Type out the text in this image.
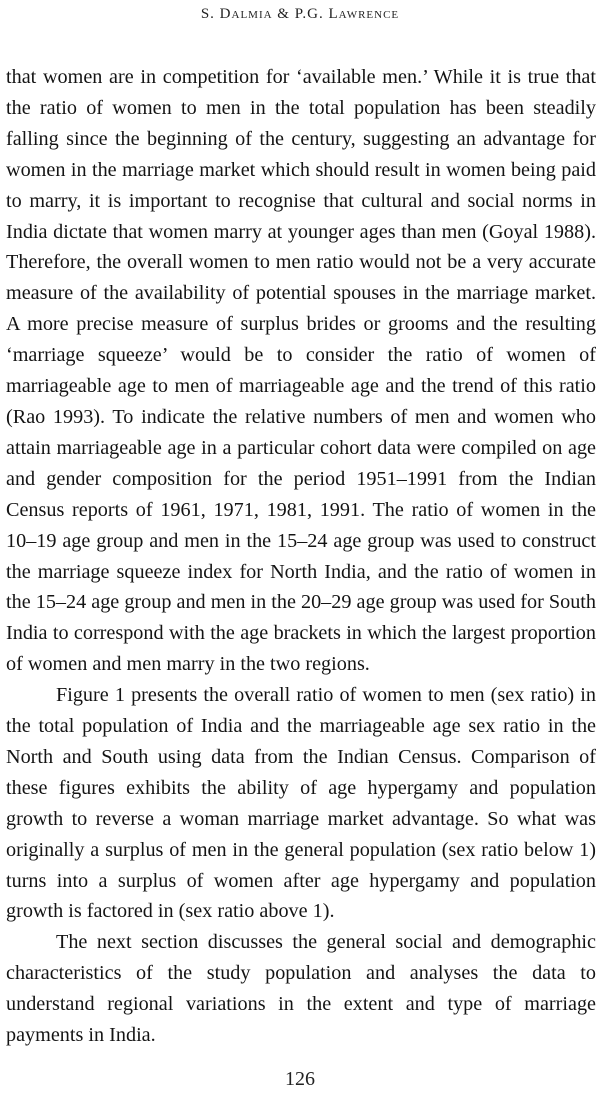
S. Dalmia & P.G. Lawrence

that women are in competition for ‘available men.’ While it is true that the ratio of women to men in the total population has been steadily falling since the beginning of the century, suggesting an advantage for women in the marriage market which should result in women being paid to marry, it is important to recognise that cultural and social norms in India dictate that women marry at younger ages than men (Goyal 1988). Therefore, the overall women to men ratio would not be a very accurate measure of the availability of potential spouses in the marriage market. A more precise measure of surplus brides or grooms and the resulting ‘marriage squeeze’ would be to consider the ratio of women of marriageable age to men of marriageable age and the trend of this ratio (Rao 1993). To indicate the relative numbers of men and women who attain marriageable age in a particular cohort data were compiled on age and gender composition for the period 1951–1991 from the Indian Census reports of 1961, 1971, 1981, 1991. The ratio of women in the 10–19 age group and men in the 15–24 age group was used to construct the marriage squeeze index for North India, and the ratio of women in the 15–24 age group and men in the 20–29 age group was used for South India to correspond with the age brackets in which the largest proportion of women and men marry in the two regions.

Figure 1 presents the overall ratio of women to men (sex ratio) in the total population of India and the marriageable age sex ratio in the North and South using data from the Indian Census. Comparison of these figures exhibits the ability of age hypergamy and population growth to reverse a woman marriage market advantage. So what was originally a surplus of men in the general population (sex ratio below 1) turns into a surplus of women after age hypergamy and population growth is factored in (sex ratio above 1).

The next section discusses the general social and demographic characteristics of the study population and analyses the data to understand regional variations in the extent and type of marriage payments in India.

126
